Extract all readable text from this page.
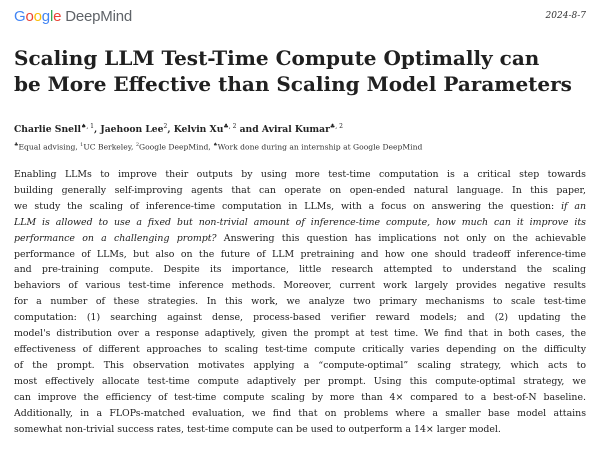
Google DeepMind	2024-8-7
Scaling LLM Test-Time Compute Optimally can
be More Effective than Scaling Model Parameters
Charlie Snell$^{♠, 1}$, Jaehoon Lee$^2$, Kelvin $Xu^{♣, 2}$ and Aviral Kumar$^{♣, 2}$
♣Equal advising, $^1$UC Berkeley, $^2$Google DeepMind, ♠Work done during an internship at Google DeepMind
Enabling LLMs to improve their outputs by using more test-time computation is a critical step towards
building generally self-improving agents that can operate on open-ended natural language. In this paper,
we study the scaling of inference-time computation in LLMs, with a focus on answering the question: if an
LLM is allowed to use a fixed but non-trivial amount of inference-time compute, how much can it improve its
performance on a challenging prompt? Answering this question has implications not only on the achievable
performance of LLMs, but also on the future of LLM pretraining and how one should tradeoff inference-time
and pre-training compute. Despite its importance, little research attempted to understand the scaling
behaviors of various test-time inference methods. Moreover, current work largely provides negative results
for a number of these strategies. In this work, we analyze two primary mechanisms to scale test-time
computation: (1) searching against dense, process-based verifier reward models; and (2) updating the
model's distribution over a response adaptively, given the prompt at test time. We find that in both cases, the
effectiveness of different approaches to scaling test-time compute critically varies depending on the difficulty
of the prompt. This observation motivates applying a “compute-optimal” scaling strategy, which acts to
most effectively allocate test-time compute adaptively per prompt. Using this compute-optimal strategy, we
can improve the efficiency of test-time compute scaling by more than 4× compared to a best-of-N baseline.
Additionally, in a FLOPs-matched evaluation, we find that on problems where a smaller base model attains
somewhat non-trivial success rates, test-time compute can be used to outperform a 14× larger model.
